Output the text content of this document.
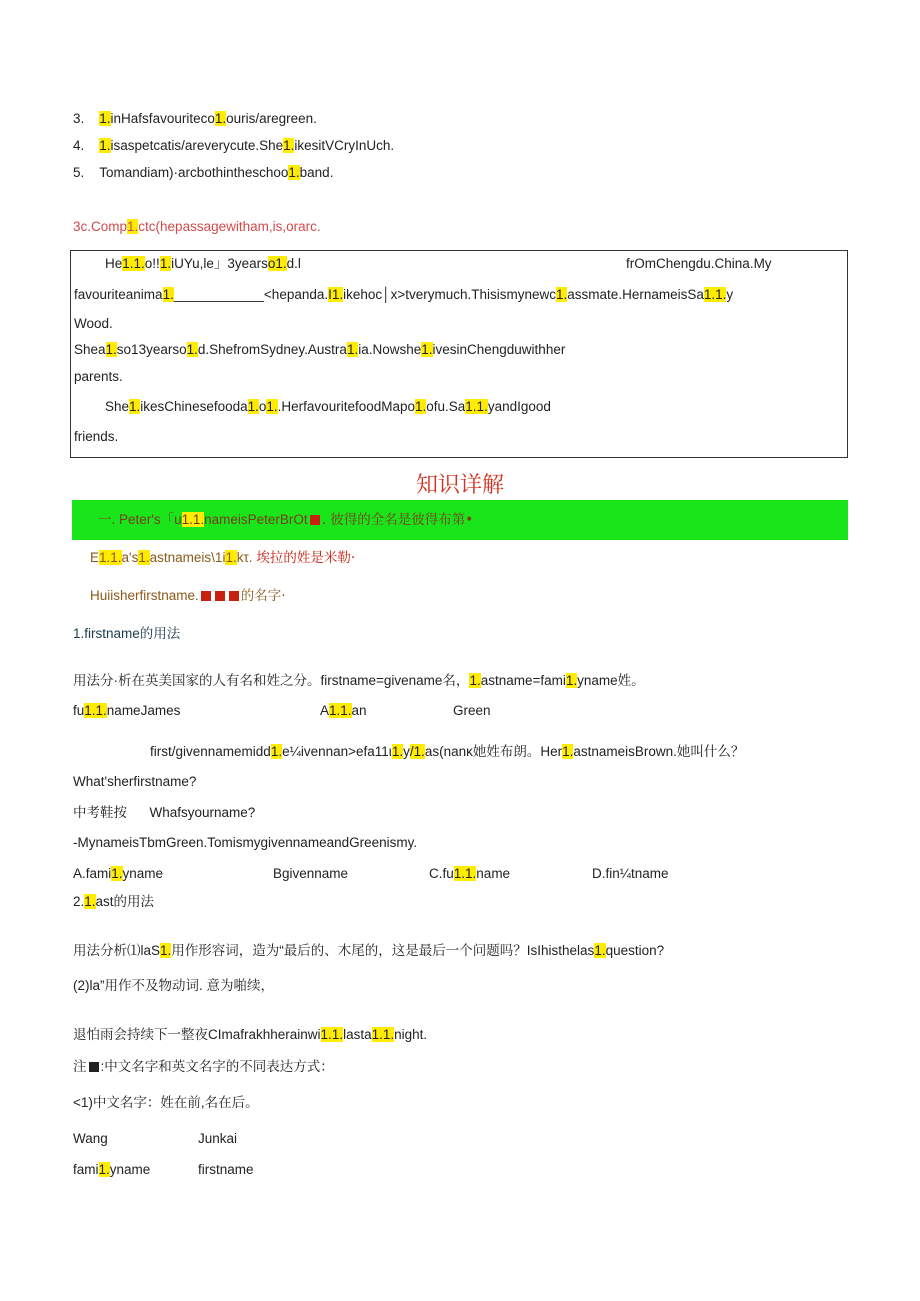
3. 1.inHafsfavouriteco1.ouris/aregreen.
4. 1.isaspetcatis/areverycute.She1.ikesitVCryInUch.
5. Tomandiam)·arcbothintheschoo1.band.
3c.Comp1.ctc(hepassagewitham,is,orarc.
He1.1.o!!1.iUYu,le」3yearso1.d.l	frOmChengdu.China.My
favouriteanima1.____________<hepanda.I1.ikehoc│x>tverymuch.Thisismynewc1.assmate.HernameisSa1.1.y
Wood.
Shea1.so13yearso1.d.ShefromSydney.Austra1.ia.Nowshe1.ivesinChengduwithher
parents.
She1.ikesChinesefooda1.o1..HerfavouritefoodMapo1.ofu.Sa1.1.yandIgood
friends.
知识详解
一. Peter's「u1.1.nameisPeterBrOt . 彼得的全名是彼得布第•
E1.1.a's1.astnameis\1i1.kτ. 埃拉的姓是米勒·
Huiisherfirstname.	的名字·
1.firstname的用法
用法分·析在英美国家的人有名和姓之分。firstname=givename名，1.astname=fami1.yname姓。
fu1.1.nameJames	A1.1.an	Green
first/givennamemidd1.e¼ivennan>efa11ι1.y/1.as(nanκ她姓布朗。Her1.astnameisBrown.她叫什么？
What'sherfirstname?
中考鞋按 Whafsyourname?
-MynameisTbmGreen.TomismygivennameandGreenismy.
A.fami1.yname	Bgivenname	C.fu1.1.name	D.fin¼tname
2.1.ast的用法
用法分析⑴laS1.用作形容词，造为“最后的、木尾的，这是最后一个问题吗？IsIhisthelas1.question?
(2)la”用作不及物动词. 意为啪续，
退怕雨会持续下一整夜CImafrakhherainwi1.1.lasta1.1.night.
注 :中文名字和英文名字的不同表达方式：
<1)中文名字：姓在前,名在后。
Wang	Junkai
fami1.yname	firstname
